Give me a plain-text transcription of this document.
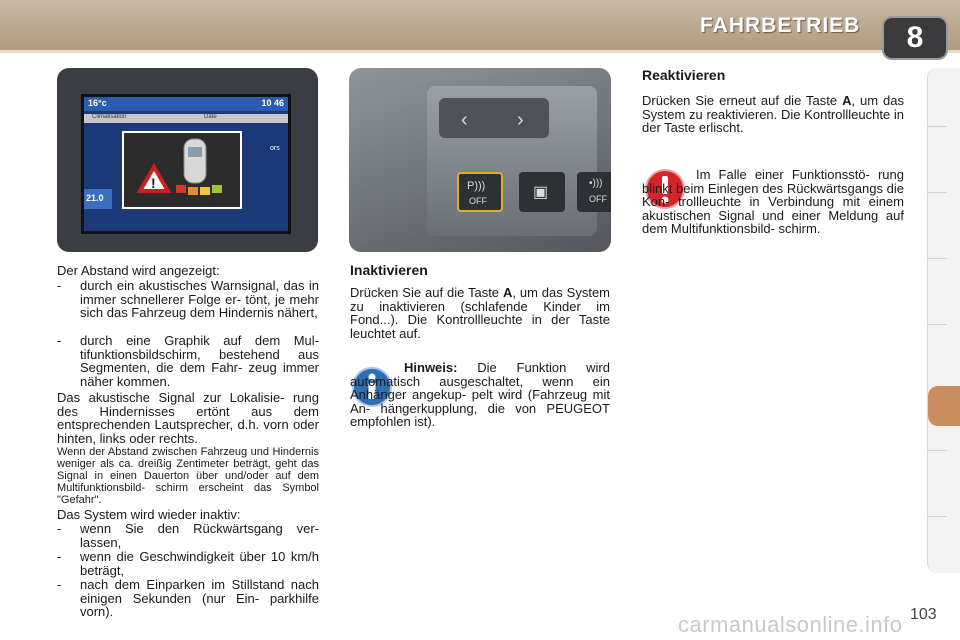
FAHRBETRIEB	8
16°c	10 46
Climatisation	Date
ors
21.0
!
‹ ›
P)))
OFF	▣
•)))
OFF
Der Abstand wird angezeigt:
- durch ein akustisches Warnsignal, das in immer schnellerer Folge er- tönt, je mehr sich das Fahrzeug dem Hindernis nähert,
- durch eine Graphik auf dem Mul- tifunktionsbildschirm, bestehend aus Segmenten, die dem Fahr- zeug immer näher kommen.
Das akustische Signal zur Lokalisie- rung des Hindernisses ertönt aus dem entsprechenden Lautsprecher, d.h. vorn oder hinten, links oder rechts.
Wenn der Abstand zwischen Fahrzeug und Hindernis weniger als ca. dreißig Zentimeter beträgt, geht das Signal in einen Dauerton über und/oder auf dem Multifunktionsbild- schirm erscheint das Symbol "Gefahr".
Das System wird wieder inaktiv:
- wenn Sie den Rückwärtsgang ver- lassen,
- wenn die Geschwindigkeit über 10 km/h beträgt,
- nach dem Einparken im Stillstand nach einigen Sekunden (nur Ein- parkhilfe vorn).
Inaktivieren
Drücken Sie auf die Taste A, um das System zu inaktivieren (schlafende Kinder im Fond...). Die Kontrollleuchte in der Taste leuchtet auf.
Hinweis: Die Funktion wird automatisch ausgeschaltet, wenn ein Anhänger angekup- pelt wird (Fahrzeug mit An- hängerkupplung, die von PEUGEOT empfohlen ist).
Reaktivieren
Drücken Sie erneut auf die Taste A, um das System zu reaktivieren. Die Kontrollleuchte in der Taste erlischt.
Im Falle einer Funktionsstö- rung blinkt beim Einlegen des Rückwärtsgangs die Kon- trollleuchte in Verbindung mit einem akustischen Signal und einer Meldung auf dem Multifunktionsbild- schirm.
carmanualsonline.info 103
